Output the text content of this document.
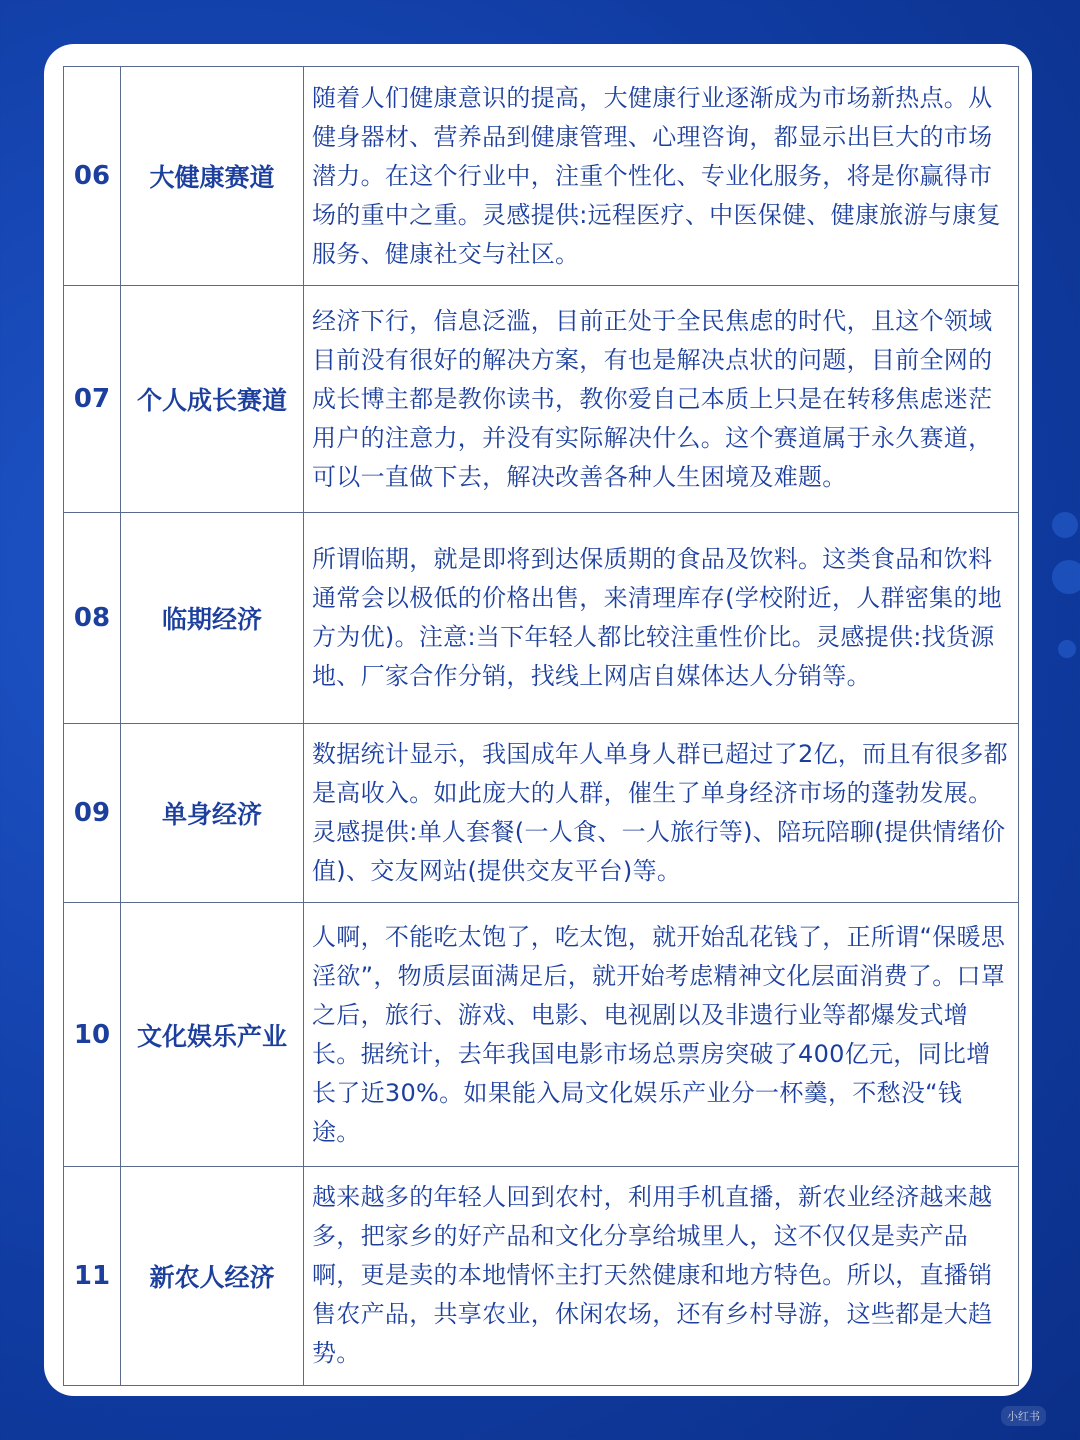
06	大健康赛道	随着人们健康意识的提高，大健康行业逐渐成为市场新热点。从健身器材、营养品到健康管理、心理咨询，都显示出巨大的市场潜力。在这个行业中，注重个性化、专业化服务，将是你赢得市场的重中之重。灵感提供:远程医疗、中医保健、健康旅游与康复服务、健康社交与社区。
07	个人成长赛道	经济下行，信息泛滥，目前正处于全民焦虑的时代，且这个领域目前没有很好的解决方案，有也是解决点状的问题，目前全网的成长博主都是教你读书，教你爱自己本质上只是在转移焦虑迷茫用户的注意力，并没有实际解决什么。这个赛道属于永久赛道，可以一直做下去，解决改善各种人生困境及难题。
08	临期经济	所谓临期，就是即将到达保质期的食品及饮料。这类食品和饮料通常会以极低的价格出售，来清理库存(学校附近，人群密集的地方为优)。注意:当下年轻人都比较注重性价比。灵感提供:找货源地、厂家合作分销，找线上网店自媒体达人分销等。
09	单身经济	数据统计显示，我国成年人单身人群已超过了2亿，而且有很多都是高收入。如此庞大的人群，催生了单身经济市场的蓬勃发展。灵感提供:单人套餐(一人食、一人旅行等)、陪玩陪聊(提供情绪价值)、交友网站(提供交友平台)等。
10	文化娱乐产业	人啊，不能吃太饱了，吃太饱，就开始乱花钱了，正所谓“保暖思淫欲”，物质层面满足后，就开始考虑精神文化层面消费了。口罩之后，旅行、游戏、电影、电视剧以及非遗行业等都爆发式增长。据统计，去年我国电影市场总票房突破了400亿元，同比增长了近30%。如果能入局文化娱乐产业分一杯羹，不愁没“钱途。
11	新农人经济	越来越多的年轻人回到农村，利用手机直播，新农业经济越来越多，把家乡的好产品和文化分享给城里人，这不仅仅是卖产品啊，更是卖的本地情怀主打天然健康和地方特色。所以，直播销售农产品，共享农业，休闲农场，还有乡村导游，这些都是大趋势。
小红书
